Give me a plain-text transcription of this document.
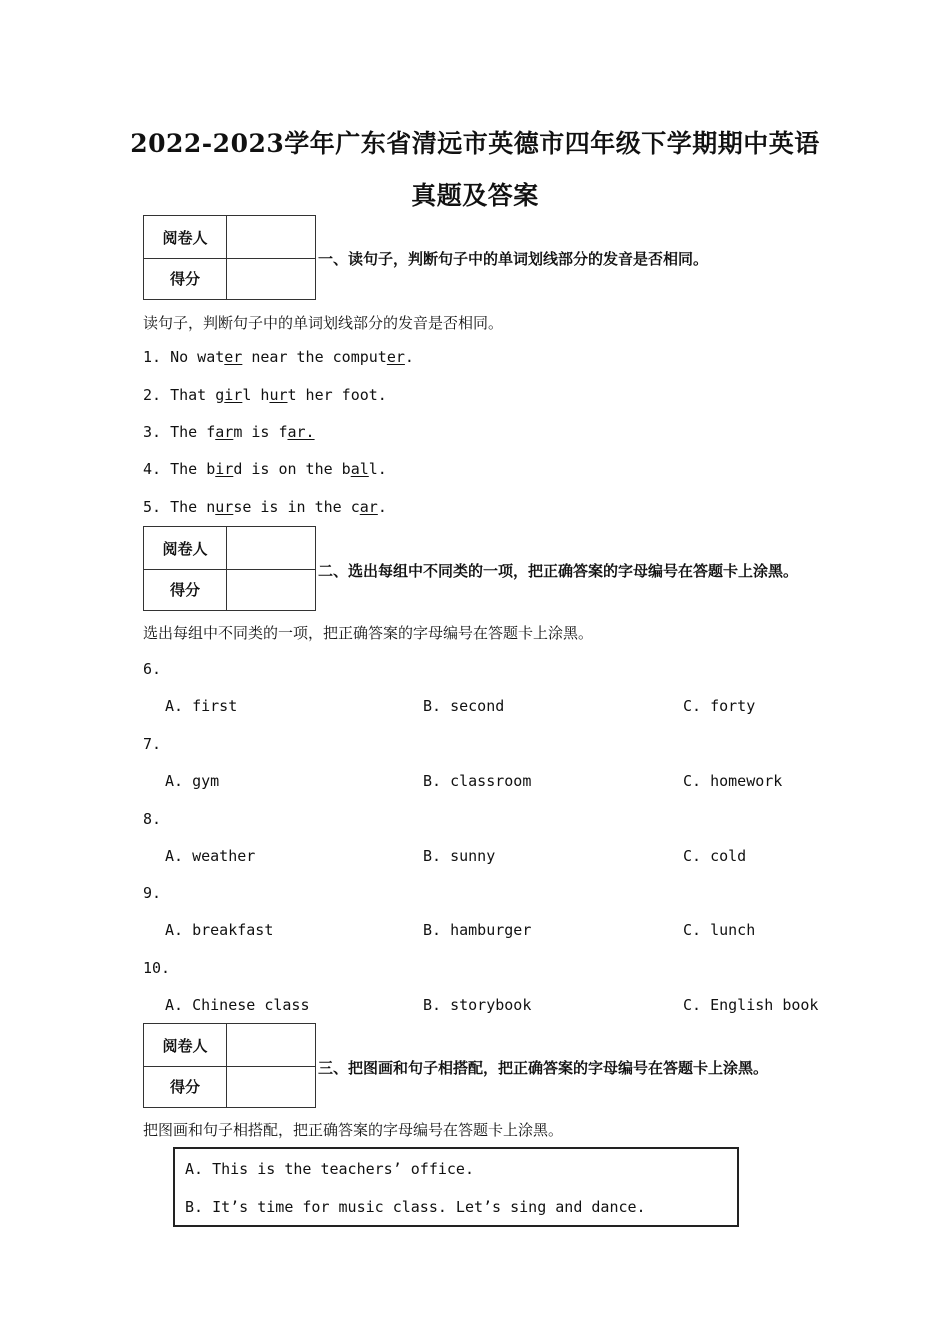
2022-2023学年广东省清远市英德市四年级下学期期中英语
真题及答案
阅卷人
得分
一、读句子，判断句子中的单词划线部分的发音是否相同。
读句子，判断句子中的单词划线部分的发音是否相同。
1. No water near the computer.
2. That girl hurt her foot.
3. The farm is far.
4. The bird is on the ball.
5. The nurse is in the car.
阅卷人
得分
二、选出每组中不同类的一项，把正确答案的字母编号在答题卡上涂黑。
选出每组中不同类的一项，把正确答案的字母编号在答题卡上涂黑。
6.
A. first	B. second	C. forty
7.
A. gym	B. classroom	C. homework
8.
A. weather	B. sunny	C. cold
9.
A. breakfast	B. hamburger	C. lunch
10.
A. Chinese class	B. storybook	C. English book
阅卷人
得分
三、把图画和句子相搭配，把正确答案的字母编号在答题卡上涂黑。
把图画和句子相搭配，把正确答案的字母编号在答题卡上涂黑。
A. This is the teachers’ office.
B. It’s time for music class. Let’s sing and dance.
